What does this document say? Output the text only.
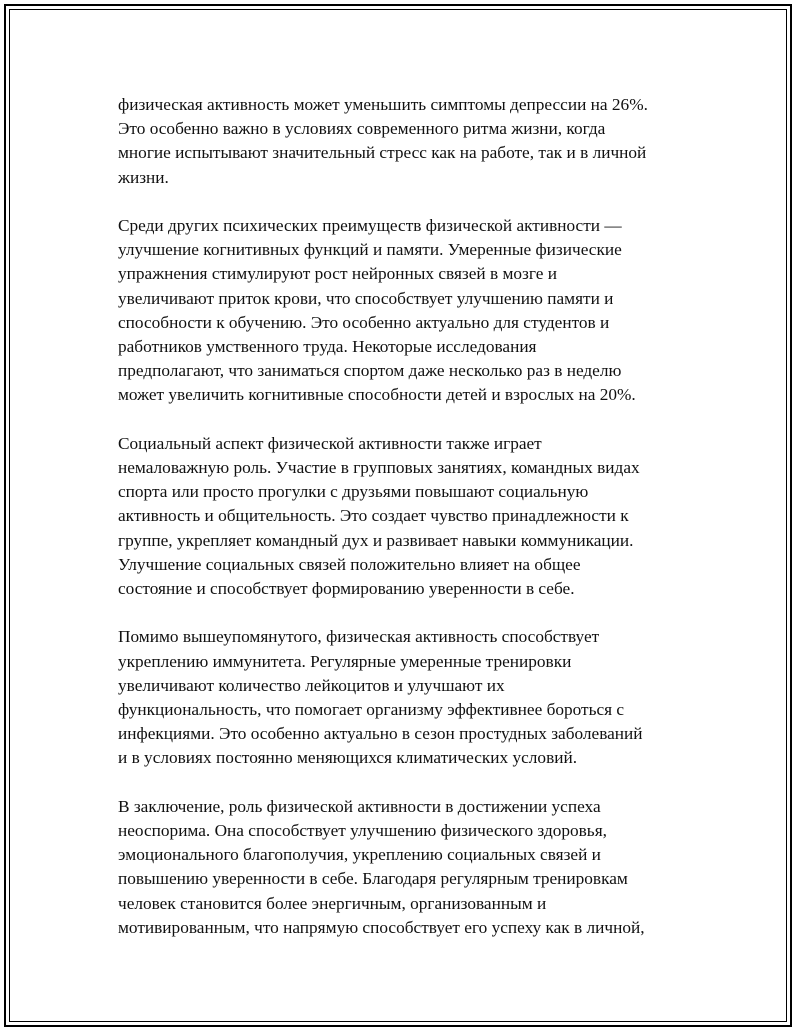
физическая активность может уменьшить симптомы депрессии на 26%.
Это особенно важно в условиях современного ритма жизни, когда
многие испытывают значительный стресс как на работе, так и в личной
жизни.

Среди других психических преимуществ физической активности —
улучшение когнитивных функций и памяти. Умеренные физические
упражнения стимулируют рост нейронных связей в мозге и
увеличивают приток крови, что способствует улучшению памяти и
способности к обучению. Это особенно актуально для студентов и
работников умственного труда. Некоторые исследования
предполагают, что заниматься спортом даже несколько раз в неделю
может увеличить когнитивные способности детей и взрослых на 20%.

Социальный аспект физической активности также играет
немаловажную роль. Участие в групповых занятиях, командных видах
спорта или просто прогулки с друзьями повышают социальную
активность и общительность. Это создает чувство принадлежности к
группе, укрепляет командный дух и развивает навыки коммуникации.
Улучшение социальных связей положительно влияет на общее
состояние и способствует формированию уверенности в себе.

Помимо вышеупомянутого, физическая активность способствует
укреплению иммунитета. Регулярные умеренные тренировки
увеличивают количество лейкоцитов и улучшают их
функциональность, что помогает организму эффективнее бороться с
инфекциями. Это особенно актуально в сезон простудных заболеваний
и в условиях постоянно меняющихся климатических условий.

В заключение, роль физической активности в достижении успеха
неоспорима. Она способствует улучшению физического здоровья,
эмоционального благополучия, укреплению социальных связей и
повышению уверенности в себе. Благодаря регулярным тренировкам
человек становится более энергичным, организованным и
мотивированным, что напрямую способствует его успеху как в личной,
